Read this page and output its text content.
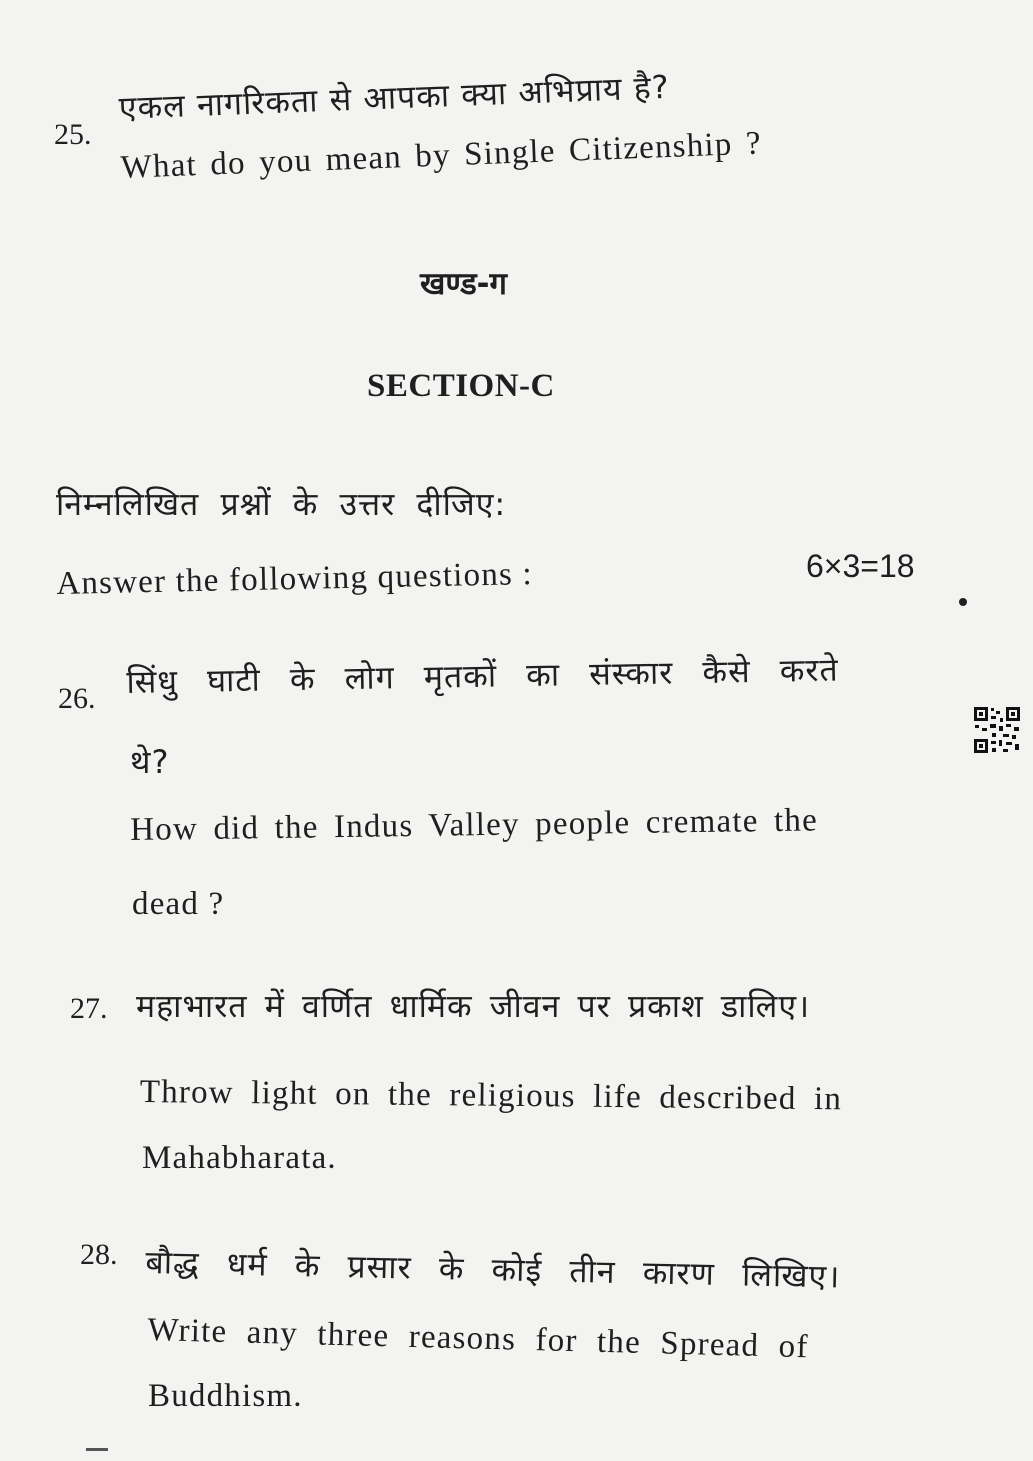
25.
एकल नागरिकता से आपका क्या अभिप्राय है?
What do you mean by Single Citizenship ?
खण्ड-ग
SECTION-C
निम्नलिखित प्रश्नों के उत्तर दीजिए:
Answer the following questions :	6×3=18
26. सिंधु घाटी के लोग मृतकों का संस्कार कैसे करते
थे?
How did the Indus Valley people cremate the
dead ?
27. महाभारत में वर्णित धार्मिक जीवन पर प्रकाश डालिए।
Throw light on the religious life described in
Mahabharata.
28. बौद्ध धर्म के प्रसार के कोई तीन कारण लिखिए।
Write any three reasons for the Spread of
Buddhism.
